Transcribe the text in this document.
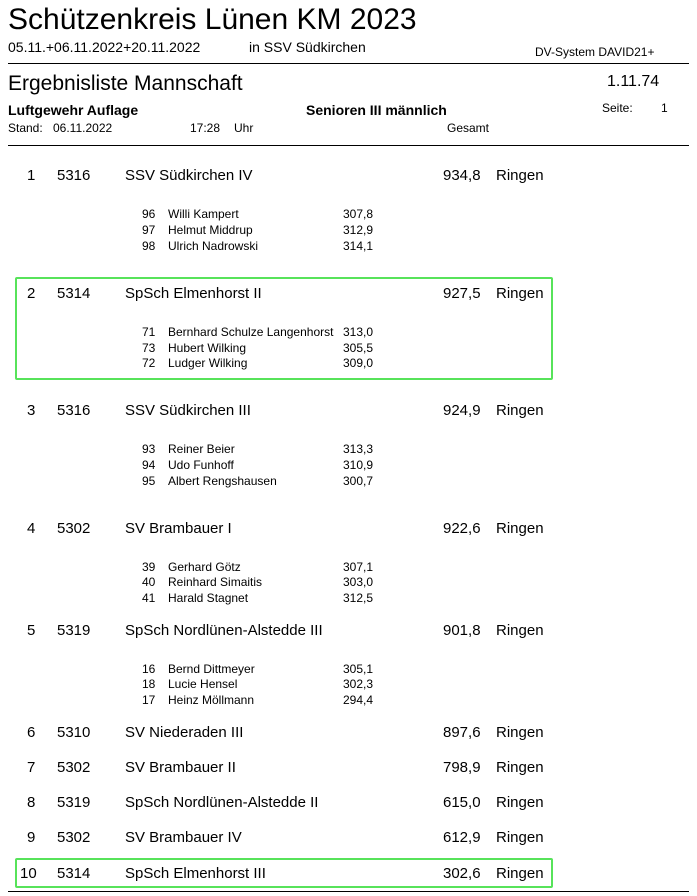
Schützenkreis Lünen KM 2023
05.11.+06.11.2022+20.11.2022	in SSV Südkirchen	DV-System DAVID21+
Ergebnisliste Mannschaft	1.11.74
Luftgewehr Auflage	Senioren III männlich	Seite: 1
Stand: 06.11.2022	17:28 Uhr	Gesamt
1 5316 SSV Südkirchen IV	934,8 Ringen
96 Willi Kampert	307,8
97 Helmut Middrup	312,9
98 Ulrich Nadrowski	314,1
2 5314 SpSch Elmenhorst II	927,5 Ringen
71 Bernhard Schulze Langenhorst 313,0
73 Hubert Wilking	305,5
72 Ludger Wilking	309,0
3 5316 SSV Südkirchen III	924,9 Ringen
93 Reiner Beier	313,3
94 Udo Funhoff	310,9
95 Albert Rengshausen	300,7
4 5302 SV Brambauer I	922,6 Ringen
39 Gerhard Götz	307,1
40 Reinhard Simaitis	303,0
41 Harald Stagnet	312,5
5 5319 SpSch Nordlünen-Alstedde III	901,8 Ringen
16 Bernd Dittmeyer	305,1
18 Lucie Hensel	302,3
17 Heinz Möllmann	294,4
6 5310 SV Niederaden III	897,6 Ringen
7 5302 SV Brambauer II	798,9 Ringen
8 5319 SpSch Nordlünen-Alstedde II	615,0 Ringen
9 5302 SV Brambauer IV	612,9 Ringen
10 5314 SpSch Elmenhorst III	302,6 Ringen
